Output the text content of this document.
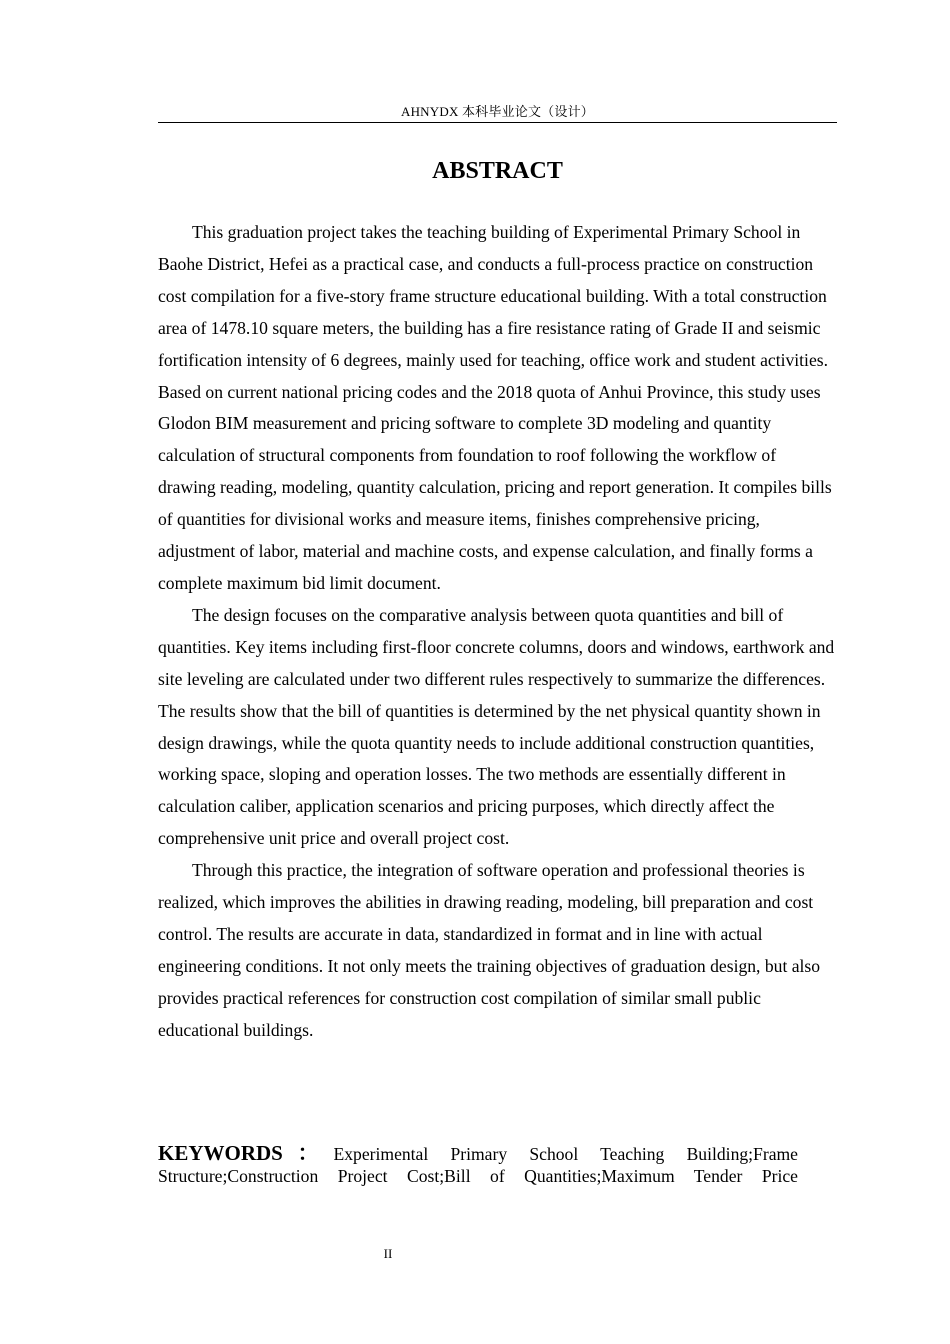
AHNYDX 本科毕业论文（设计）
ABSTRACT

This graduation project takes the teaching building of Experimental Primary School in Baohe District, Hefei as a practical case, and conducts a full-process practice on construction cost compilation for a five-story frame structure educational building. With a total construction area of 1478.10 square meters, the building has a fire resistance rating of Grade II and seismic fortification intensity of 6 degrees, mainly used for teaching, office work and student activities. Based on current national pricing codes and the 2018 quota of Anhui Province, this study uses Glodon BIM measurement and pricing software to complete 3D modeling and quantity calculation of structural components from foundation to roof following the workflow of drawing reading, modeling, quantity calculation, pricing and report generation. It compiles bills of quantities for divisional works and measure items, finishes comprehensive pricing, adjustment of labor, material and machine costs, and expense calculation, and finally forms a complete maximum bid limit document.

The design focuses on the comparative analysis between quota quantities and bill of quantities. Key items including first-floor concrete columns, doors and windows, earthwork and site leveling are calculated under two different rules respectively to summarize the differences. The results show that the bill of quantities is determined by the net physical quantity shown in design drawings, while the quota quantity needs to include additional construction quantities, working space, sloping and operation losses. The two methods are essentially different in calculation caliber, application scenarios and pricing purposes, which directly affect the comprehensive unit price and overall project cost.

Through this practice, the integration of software operation and professional theories is realized, which improves the abilities in drawing reading, modeling, bill preparation and cost control. The results are accurate in data, standardized in format and in line with actual engineering conditions. It not only meets the training objectives of graduation design, but also provides practical references for construction cost compilation of similar small public educational buildings.

KEYWORDS：Experimental Primary School Teaching Building;Frame Structure;Construction Project Cost;Bill of Quantities;Maximum Tender Price
II
